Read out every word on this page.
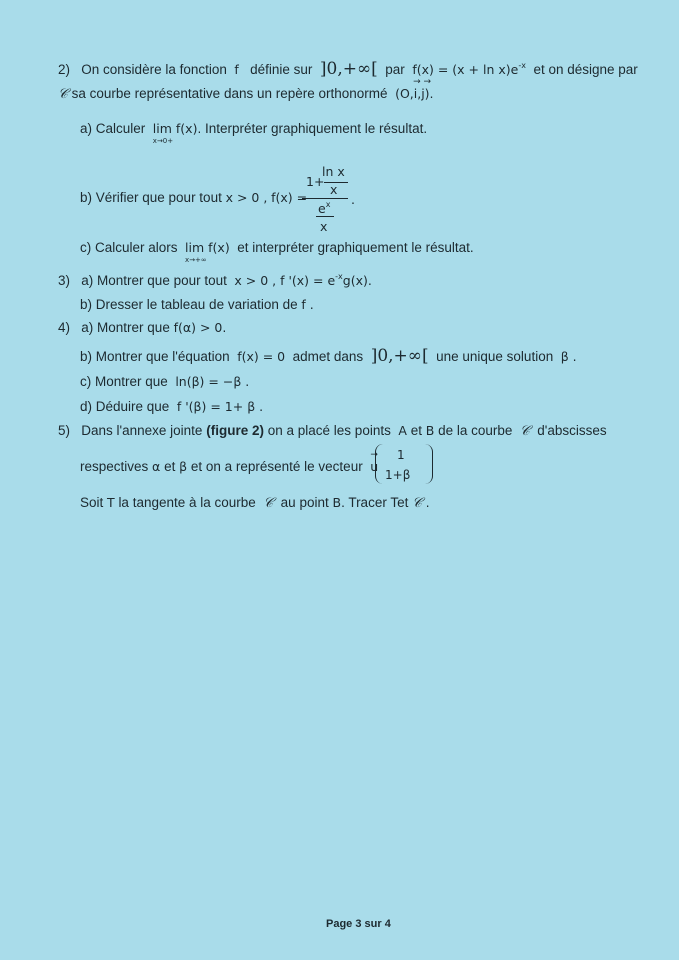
2) On considère la fonction f définie sur ]0,+∞[ par $f(x) = (x + \ln x)e^{-x}$ et on désigne par
𝒞 sa courbe représentative dans un repère orthonormé (O,i,j)
→ →
.
a) Calculer lim f(x)
x→0+
. Interpréter graphiquement le résultat.
b) Vérifier que pour tout x > 0 , f(x) =
ln x
1+
x
$e^x$
x
.
c) Calculer alors lim f(x)
x→+∞
et interpréter graphiquement le résultat.
3) a) Montrer que pour tout x > 0 , f '$(x) = e^{-x}g(x)$.
b) Dresser le tableau de variation de f .
4) a) Montrer que f(α) > 0.
b) Montrer que l'équation f(x) = 0 admet dans ]0,+∞[ une unique solution β .
c) Montrer que ln(β) = −β .
d) Déduire que f '(β) = 1+ β .
5) Dans l'annexe jointe (figure 2) on a placé les points A et B de la courbe 𝒞 d'abscisses
respectives α et β et on a représenté le vecteur u
→ 1
1+β
Soit T la tangente à la courbe 𝒞 au point B. Tracer Tet 𝒞 .
Page 3 sur 4
